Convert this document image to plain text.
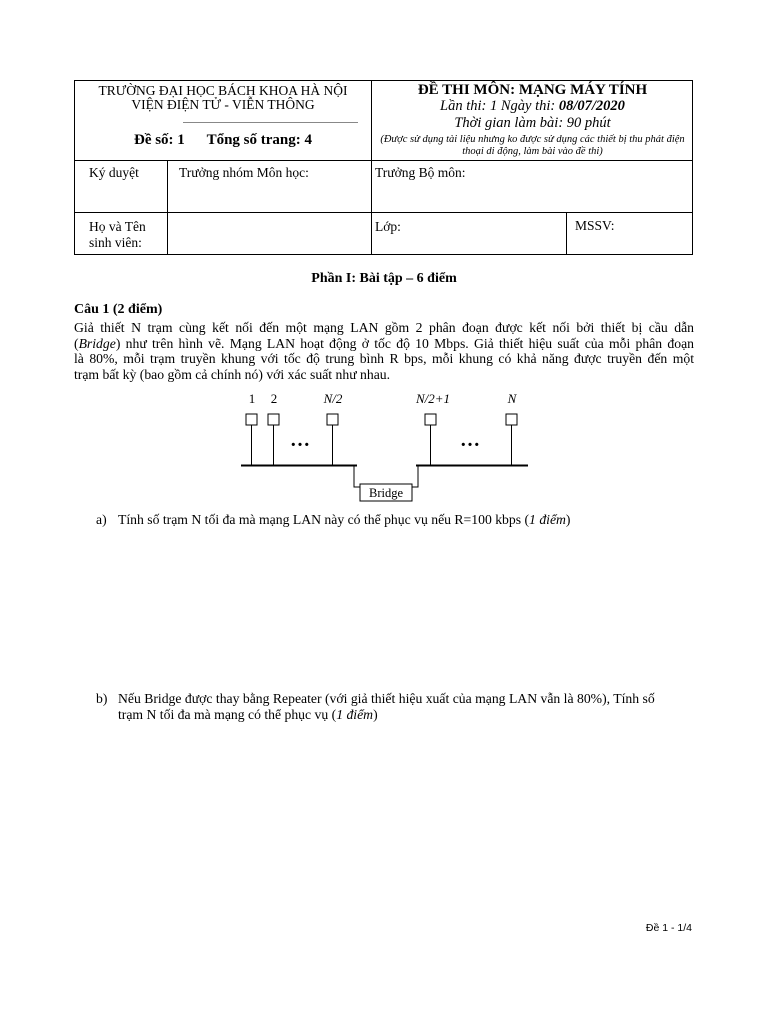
TRƯỜNG ĐẠI HỌC BÁCH KHOA HÀ NỘI
VIỆN ĐIỆN TỬ - VIỄN THÔNG
Đề số: 1 Tổng số trang: 4
ĐỀ THI MÔN: MẠNG MÁY TÍNH
Lần thi: 1 Ngày thi: 08/07/2020
Thời gian làm bài: 90 phút
(Được sử dụng tài liệu nhưng ko được sử dụng các thiết bị thu phát điện thoại di động, làm bài vào đề thi)
Ký duyệt	Trưởng nhóm Môn học:	Trưởng Bộ môn:
Họ và Tên
sinh viên:
Lớp:	MSSV:
Phần I: Bài tập – 6 điểm
Câu 1 (2 điểm)
Giả thiết N trạm cùng kết nối đến một mạng LAN gồm 2 phân đoạn được kết nối bởi thiết bị cầu dẫn
(Bridge) như trên hình vẽ. Mạng LAN hoạt động ở tốc độ 10 Mbps. Giả thiết hiệu suất của mỗi phân đoạn
là 80%, mỗi trạm truyền khung với tốc độ trung bình R bps, mỗi khung có khả năng được truyền đến một
trạm bất kỳ (bao gồm cả chính nó) với xác suất như nhau.
1 2	N/2	N/2+1	N
…	…
Bridge
a) Tính số trạm N tối đa mà mạng LAN này có thể phục vụ nếu R=100 kbps (1 điểm)
b) Nếu Bridge được thay bằng Repeater (với giả thiết hiệu xuất của mạng LAN vẫn là 80%), Tính số
trạm N tối đa mà mạng có thể phục vụ (1 điểm)
Đề 1 - 1/4
